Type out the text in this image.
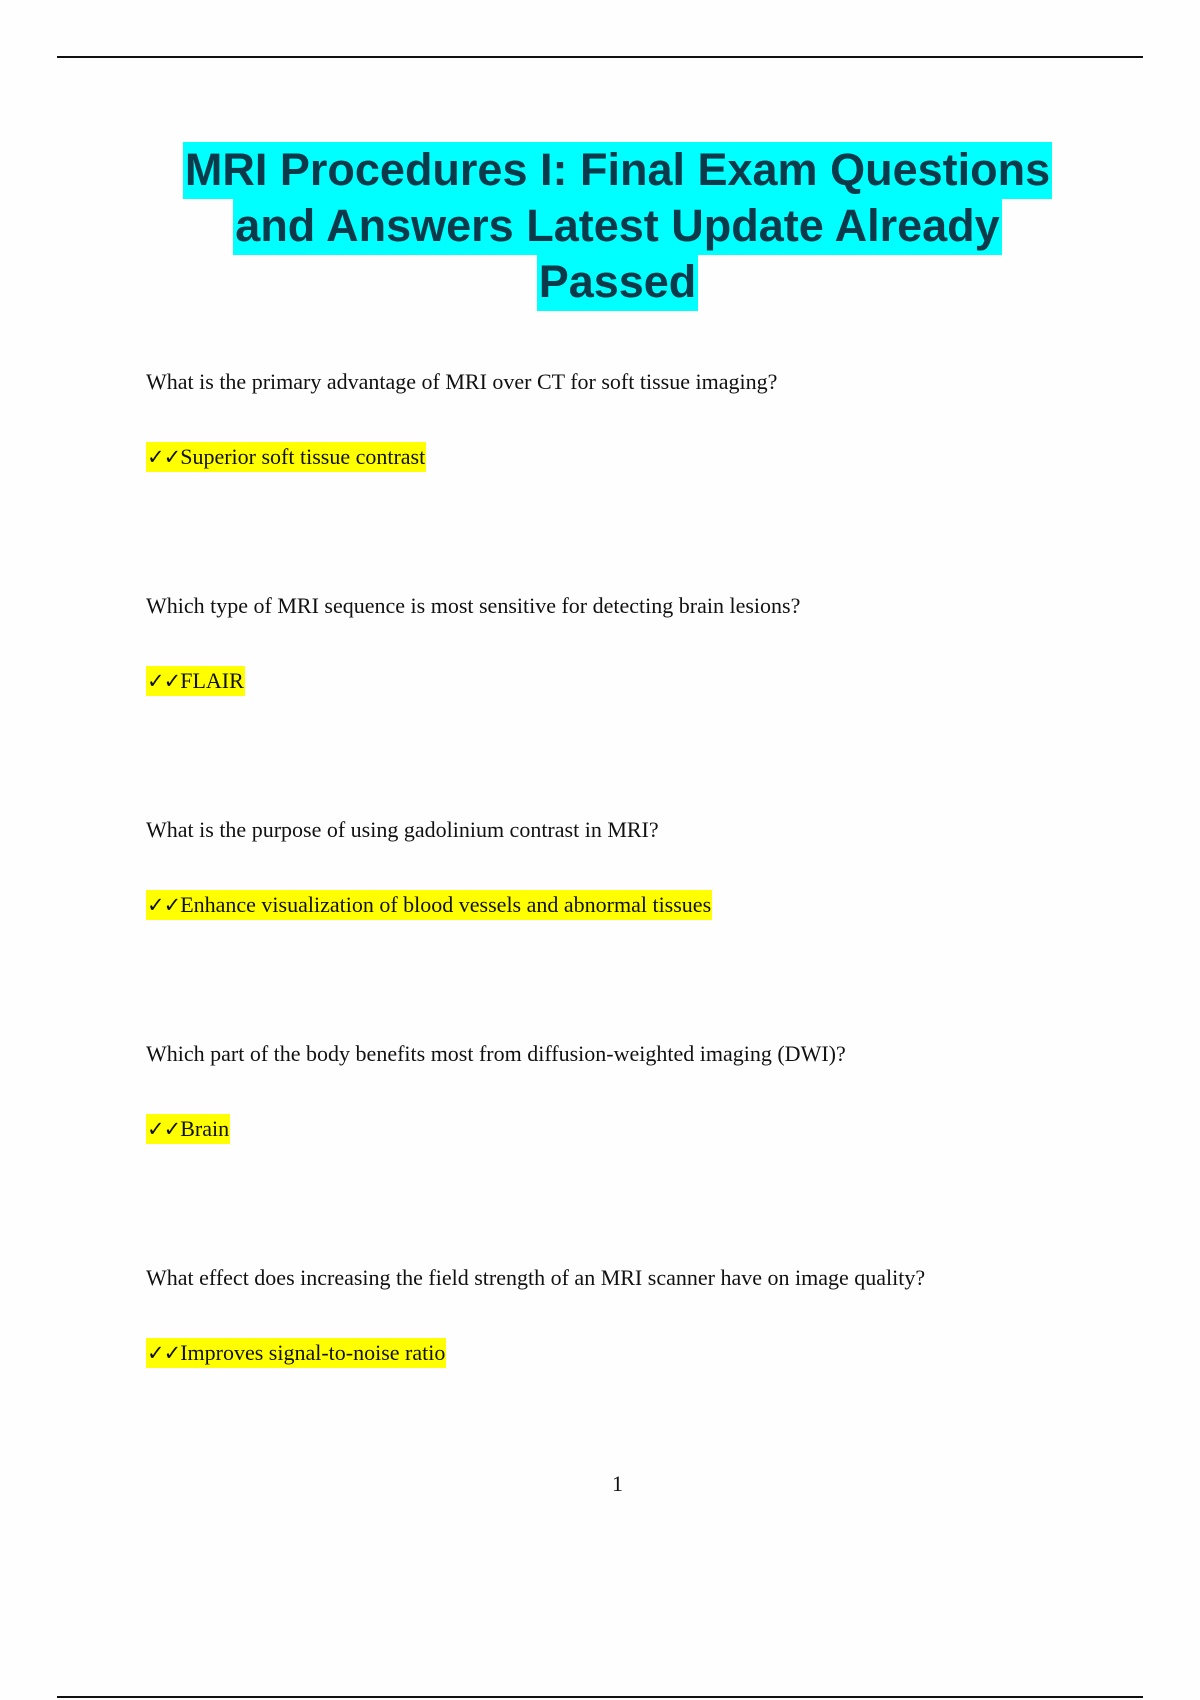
MRI Procedures I: Final Exam Questions
and Answers Latest Update Already
Passed
What is the primary advantage of MRI over CT for soft tissue imaging?
✓✓Superior soft tissue contrast
Which type of MRI sequence is most sensitive for detecting brain lesions?
✓✓FLAIR
What is the purpose of using gadolinium contrast in MRI?
✓✓Enhance visualization of blood vessels and abnormal tissues
Which part of the body benefits most from diffusion-weighted imaging (DWI)?
✓✓Brain
What effect does increasing the field strength of an MRI scanner have on image quality?
✓✓Improves signal-to-noise ratio
1
